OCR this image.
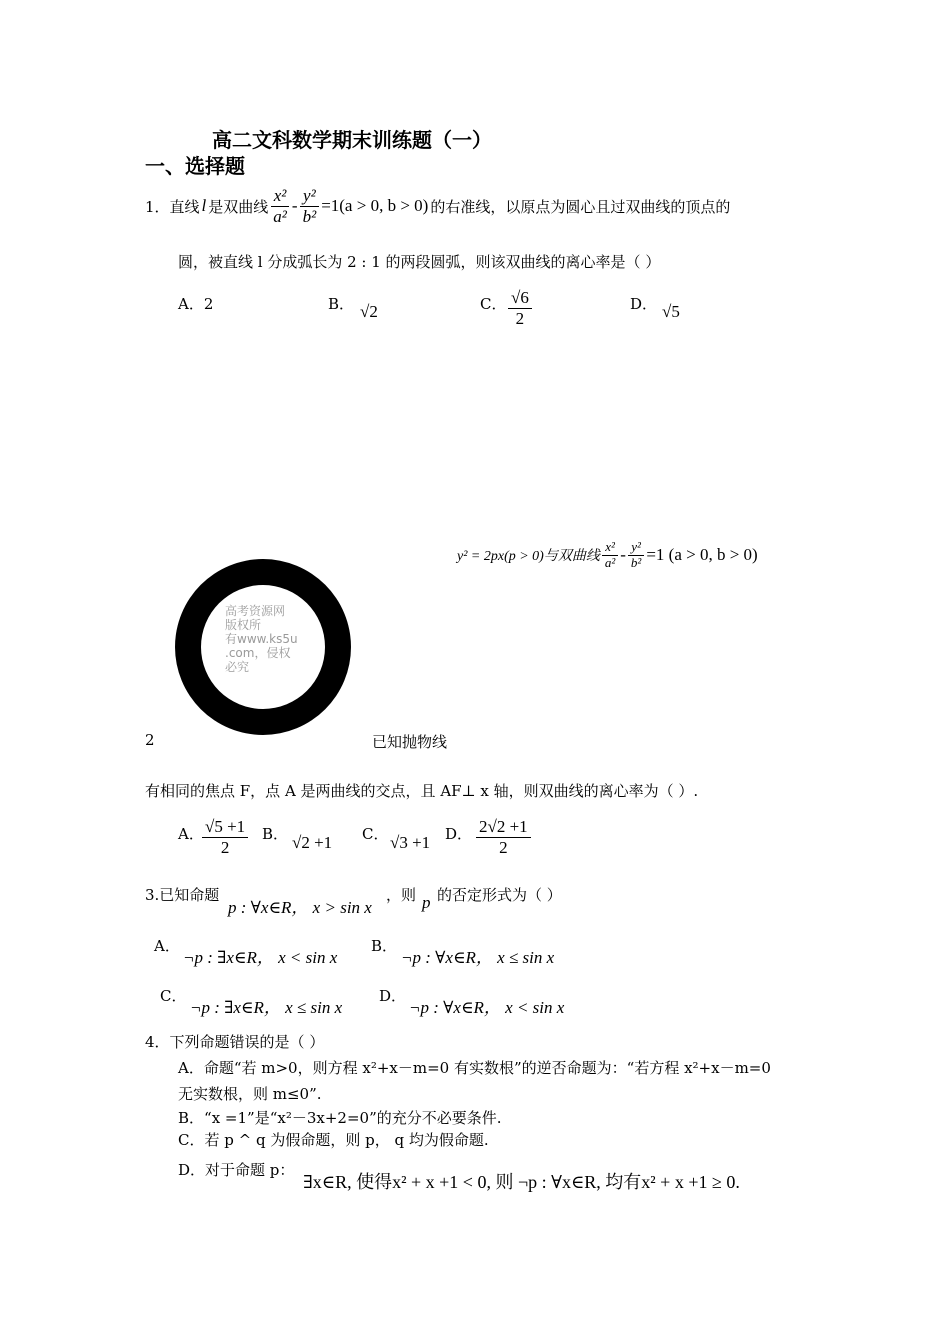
高二文科数学期末训练题（一）
一、选择题
1．直线 l 是双曲线 $\frac{\text{x²}}{\text{a²}} - \frac{\text{y²}}{\text{b²}} =1(a > 0$, b > 0) 的右准线，以原点为圆心且过双曲线的顶点的
圆，被直线 l 分成弧长为 2 : 1 的两段圆弧，则该双曲线的离心率是（ ）
A．2	B． √2	C． $\frac{√6}{2}$	D． √5
高考资源网
版权所
有www.ks5u
.com，侵权
必究
y² = 2px(p > 0)与双曲线 $\frac{\text{x²}}{\text{a²}} - \frac{\text{y²}}{\text{b²}} =1$ (a > 0, b > 0)
2	已知抛物线
有相同的焦点 F，点 A 是两曲线的交点，且 AF⊥ x 轴，则双曲线的离心率为（ ）.
A．
$\frac{√5 +1}{2}$ B． √2 +1 C． √3 +1 D． $\frac{2√2 +1}{2}$
3.已知命题
p : ∀x∈R， x > sin x
，则 p 的否定形式为（ ）
A．
¬p : ∃x∈R， x < sin x
B．
¬p : ∀x∈R， x ≤ sin x
C．
¬p : ∃x∈R， x ≤ sin x
D．
¬p : ∀x∈R， x < sin x
4．下列命题错误的是（ ）
A．命题“若 m>0，则方程 x²+x－m=0 有实数根”的逆否命题为：“若方程 x²+x－m=0
无实数根，则 m≤0”.
B．“x =1”是“x²－3x+2=0”的充分不必要条件.
C．若 p ^ q 为假命题，则 p， q 均为假命题.
D．对于命题 p：
∃x∈R, 使得x² + x +1 < 0, 则 ¬p : ∀x∈R, 均有x² + x +1 ≥ 0.
